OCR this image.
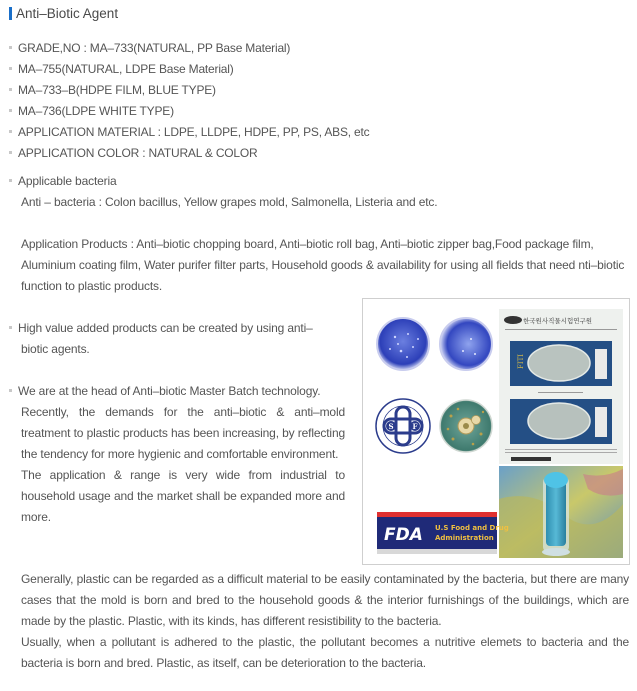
Anti–Biotic Agent
GRADE,NO : MA–733(NATURAL, PP Base Material)
MA–755(NATURAL, LDPE Base Material)
MA–733–B(HDPE FILM, BLUE TYPE)
MA–736(LDPE WHITE TYPE)
APPLICATION MATERIAL : LDPE, LLDPE, HDPE, PP, PS, ABS, etc
APPLICATION COLOR : NATURAL & COLOR
Applicable bacteria
Anti – bacteria : Colon bacillus, Yellow grapes mold, Salmonella, Listeria and etc.
Application Products : Anti–biotic chopping board, Anti–biotic roll bag, Anti–biotic zipper bag,Food package film, Aluminium coating film, Water purifer filter parts, Household goods & availability for using all fields that need nti–biotic function to plastic products.
High value added products can be created by using anti–
biotic agents.
We are at the head of Anti–biotic Master Batch technology.
Recently, the demands for the anti–biotic & anti–mold treatment to plastic products has been increasing, by reflecting the tendency for more hygienic and comfortable environment.
The application & range is very wide from industrial to household usage and the market shall be expanded more and more.
한국원사직물시험연구원
FITI
S	F
FDA U.S Food and Drug
Administration
Generally, plastic can be regarded as a difficult material to be easily contaminated by the bacteria, but there are many cases that the mold is born and bred to the household goods & the interior furnishings of the buildings, which are made by the plastic. Plastic, with its kinds, has different resistibility to the bacteria.
Usually, when a pollutant is adhered to the plastic, the pollutant becomes a nutritive elemets to bacteria and the bacteria is born and bred. Plastic, as itself, can be deterioration to the bacteria.
